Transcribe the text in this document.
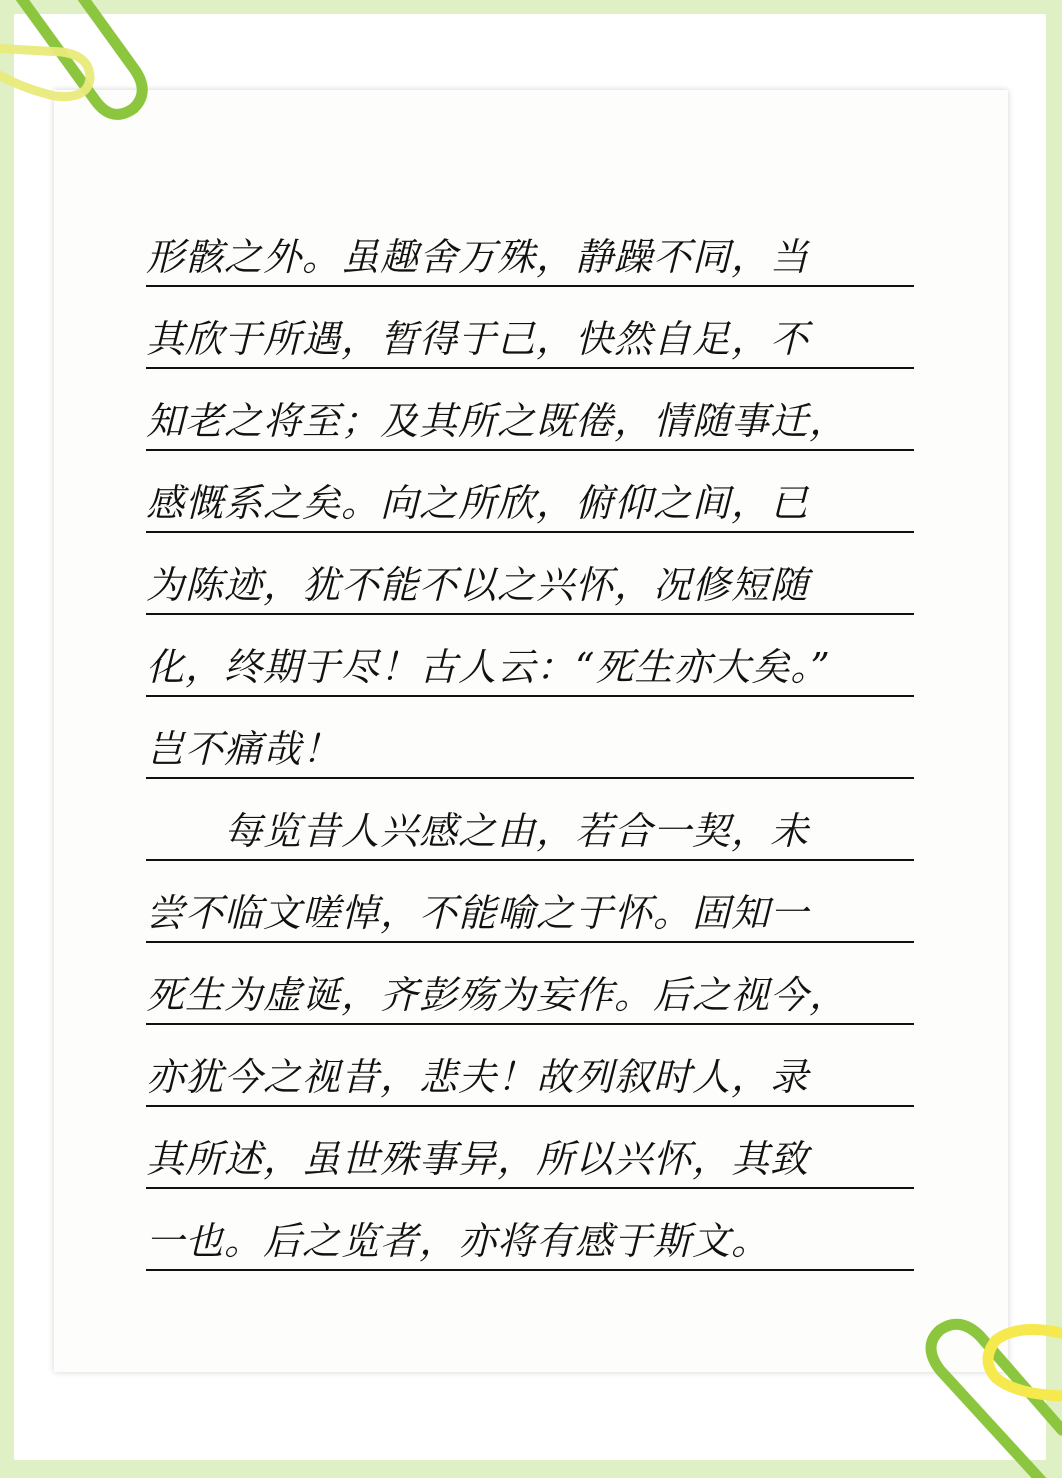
形骸之外。虽趣舍万殊，静躁不同，当
其欣于所遇，暂得于己，快然自足，不
知老之将至；及其所之既倦，情随事迁，
感慨系之矣。向之所欣，俯仰之间，已
为陈迹，犹不能不以之兴怀，况修短随
化，终期于尽！古人云：“死生亦大矣。”
岂不痛哉！
　　每览昔人兴感之由，若合一契，未
尝不临文嗟悼，不能喻之于怀。固知一
死生为虚诞，齐彭殇为妄作。后之视今，
亦犹今之视昔，悲夫！故列叙时人，录
其所述，虽世殊事异，所以兴怀，其致
一也。后之览者，亦将有感于斯文。
